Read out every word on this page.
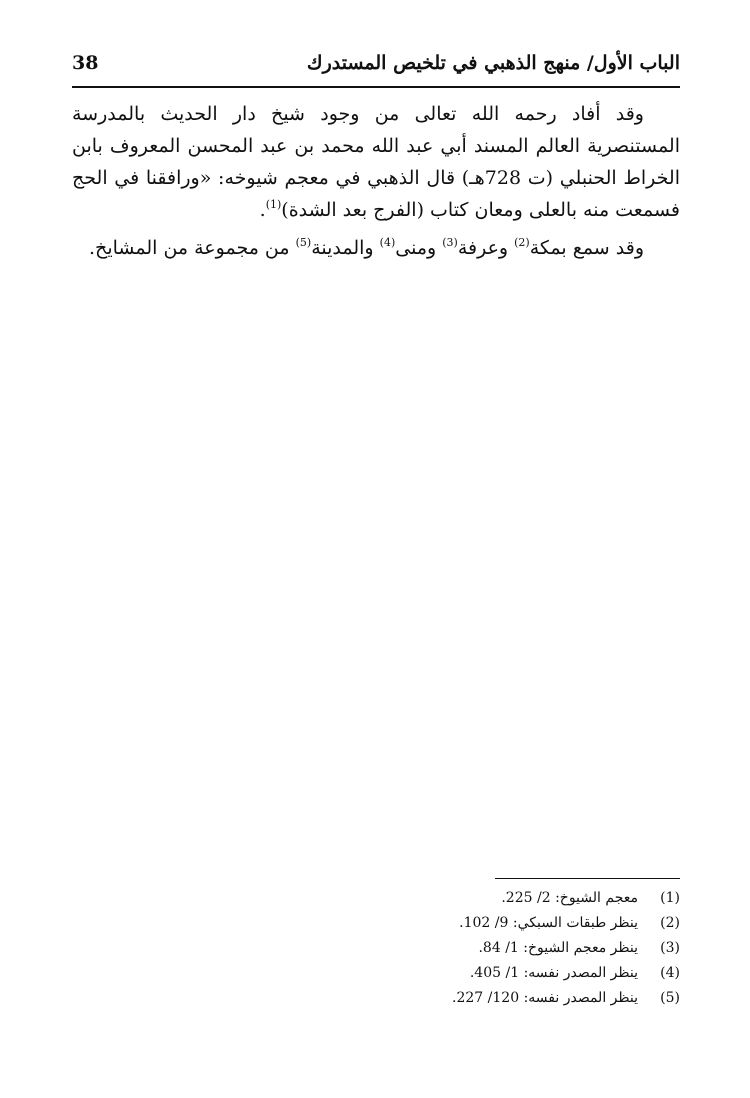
الباب الأول/ منهج الذهبي في تلخيص المستدرك
38

وقد أفاد رحمه الله تعالى من وجود شيخ دار الحديث بالمدرسة المستنصرية العالم المسند أبي عبد الله محمد بن عبد المحسن المعروف بابن الخراط الحنبلي (ت 728هـ) قال الذهبي في معجم شيوخه: «ورافقنا في الحج فسمعت منه بالعلى ومعان كتاب (الفرج بعد الشدة)$^{(1)}$.

وقد سمع بمكة$^{(2)}$ وعرفة$^{(3)}$ ومنى$^{(4)}$ والمدينة$^{(5)}$ من مجموعة من المشايخ.

(1)معجم الشيوخ: 2/ 225.
(2)ينظر طبقات السبكي: 9/ 102.
(3)ينظر معجم الشيوخ: 1/ 84.
(4)ينظر المصدر نفسه: 1/ 405.
(5)ينظر المصدر نفسه: 120/ 227.
